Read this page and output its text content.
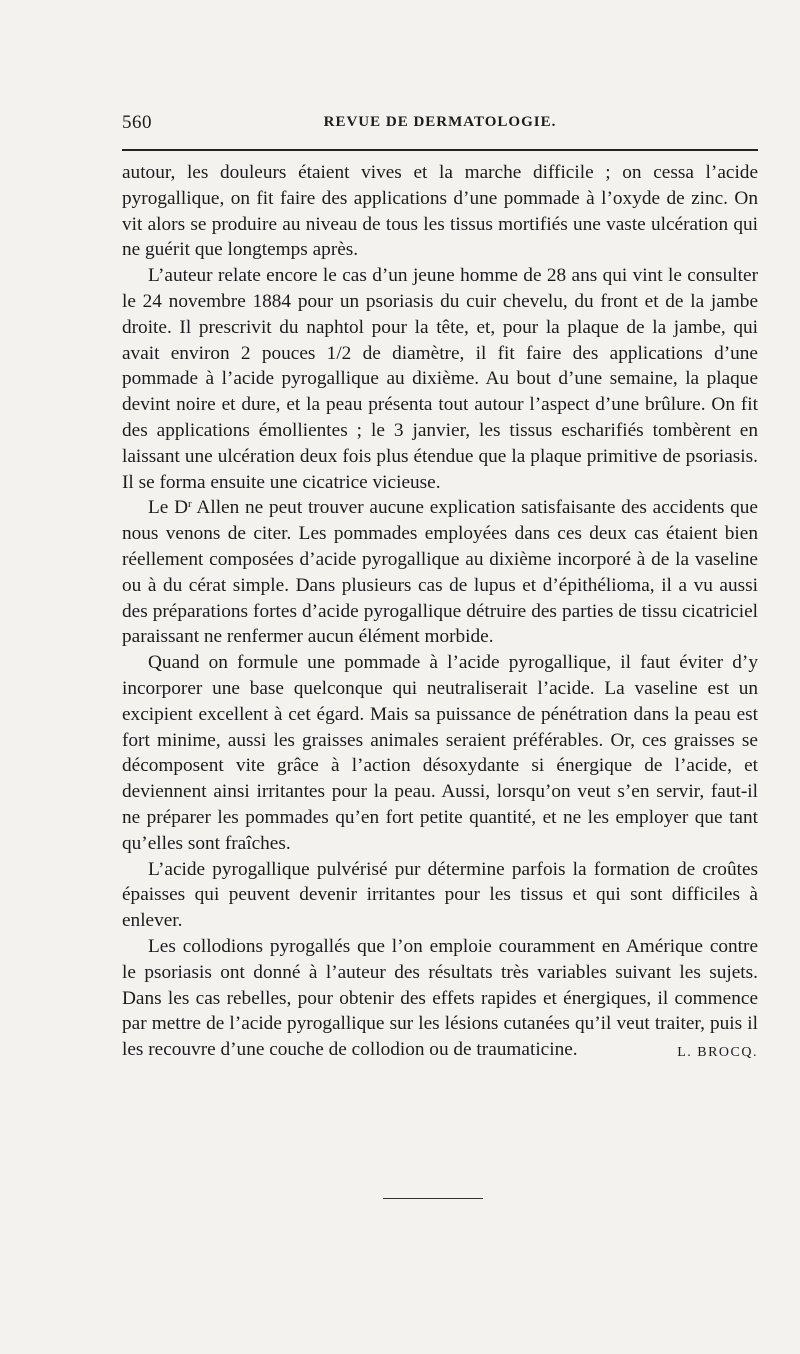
560	REVUE DE DERMATOLOGIE.

autour, les douleurs étaient vives et la marche difficile ; on cessa l’acide pyrogallique, on fit faire des applications d’une pommade à l’oxyde de zinc. On vit alors se produire au niveau de tous les tissus mortifiés une vaste ulcération qui ne guérit que longtemps après.

L’auteur relate encore le cas d’un jeune homme de 28 ans qui vint le consulter le 24 novembre 1884 pour un psoriasis du cuir chevelu, du front et de la jambe droite. Il prescrivit du naphtol pour la tête, et, pour la plaque de la jambe, qui avait environ 2 pouces 1/2 de diamètre, il fit faire des applications d’une pommade à l’acide pyrogallique au dixième. Au bout d’une semaine, la plaque devint noire et dure, et la peau présenta tout autour l’aspect d’une brûlure. On fit des applications émollientes ; le 3 janvier, les tissus escharifiés tombèrent en laissant une ulcération deux fois plus étendue que la plaque primitive de psoriasis. Il se forma ensuite une cicatrice vicieuse.

Le $D^r$ Allen ne peut trouver aucune explication satisfaisante des accidents que nous venons de citer. Les pommades employées dans ces deux cas étaient bien réellement composées d’acide pyrogallique au dixième incorporé à de la vaseline ou à du cérat simple. Dans plusieurs cas de lupus et d’épithélioma, il a vu aussi des préparations fortes d’acide pyrogallique détruire des parties de tissu cicatriciel paraissant ne renfermer aucun élément morbide.

Quand on formule une pommade à l’acide pyrogallique, il faut éviter d’y incorporer une base quelconque qui neutraliserait l’acide. La vaseline est un excipient excellent à cet égard. Mais sa puissance de pénétration dans la peau est fort minime, aussi les graisses animales seraient préférables. Or, ces graisses se décomposent vite grâce à l’action désoxydante si énergique de l’acide, et deviennent ainsi irritantes pour la peau. Aussi, lorsqu’on veut s’en servir, faut-il ne préparer les pommades qu’en fort petite quantité, et ne les employer que tant qu’elles sont fraîches.

L’acide pyrogallique pulvérisé pur détermine parfois la formation de croûtes épaisses qui peuvent devenir irritantes pour les tissus et qui sont difficiles à enlever.

Les collodions pyrogallés que l’on emploie couramment en Amérique contre le psoriasis ont donné à l’auteur des résultats très variables suivant les sujets. Dans les cas rebelles, pour obtenir des effets rapides et énergiques, il commence par mettre de l’acide pyrogallique sur les lésions cutanées qu’il veut traiter, puis il les recouvre d’une couche de collodion ou de traumaticine.	L. BROCQ.
